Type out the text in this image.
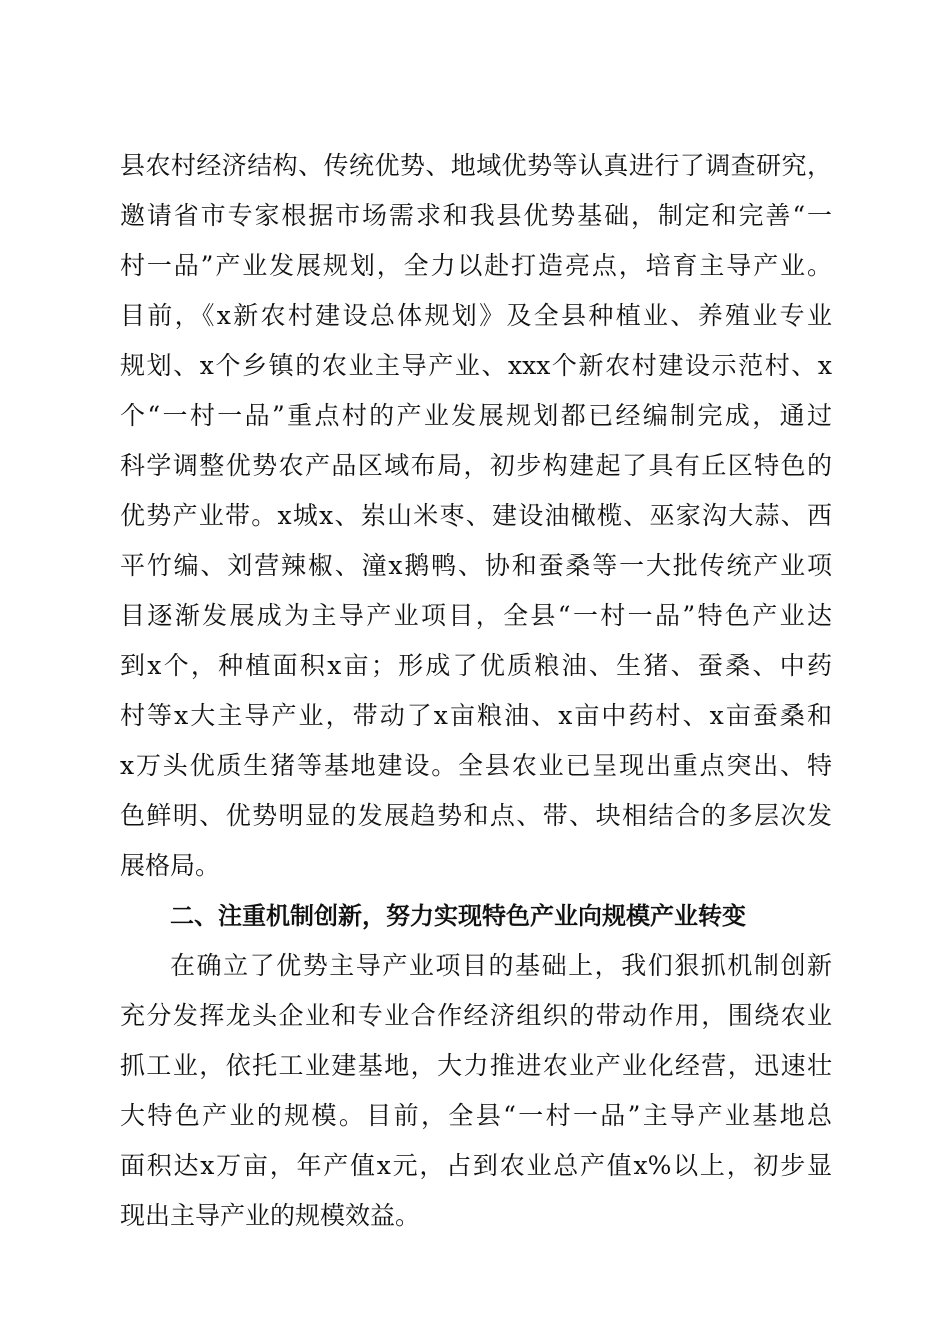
县农村经济结构、传统优势、地域优势等认真进行了调查研究，
邀请省市专家根据市场需求和我县优势基础，制定和完善“一
村一品”产业发展规划，全力以赴打造亮点，培育主导产业。
目前，《x新农村建设总体规划》及全县种植业、养殖业专业
规划、x个乡镇的农业主导产业、xxx个新农村建设示范村、x
个“一村一品”重点村的产业发展规划都已经编制完成，通过
科学调整优势农产品区域布局，初步构建起了具有丘区特色的
优势产业带。x城x、岽山米枣、建设油橄榄、巫家沟大蒜、西
平竹编、刘营辣椒、潼x鹅鸭、协和蚕桑等一大批传统产业项
目逐渐发展成为主导产业项目，全县“一村一品”特色产业达
到x个，种植面积x亩；形成了优质粮油、生猪、蚕桑、中药
村等x大主导产业，带动了x亩粮油、x亩中药村、x亩蚕桑和
x万头优质生猪等基地建设。全县农业已呈现出重点突出、特
色鲜明、优势明显的发展趋势和点、带、块相结合的多层次发
展格局。
二、注重机制创新，努力实现特色产业向规模产业转变
在确立了优势主导产业项目的基础上，我们狠抓机制创新
充分发挥龙头企业和专业合作经济组织的带动作用，围绕农业
抓工业，依托工业建基地，大力推进农业产业化经营，迅速壮
大特色产业的规模。目前，全县“一村一品”主导产业基地总
面积达x万亩，年产值x元，占到农业总产值x%以上，初步显
现出主导产业的规模效益。
